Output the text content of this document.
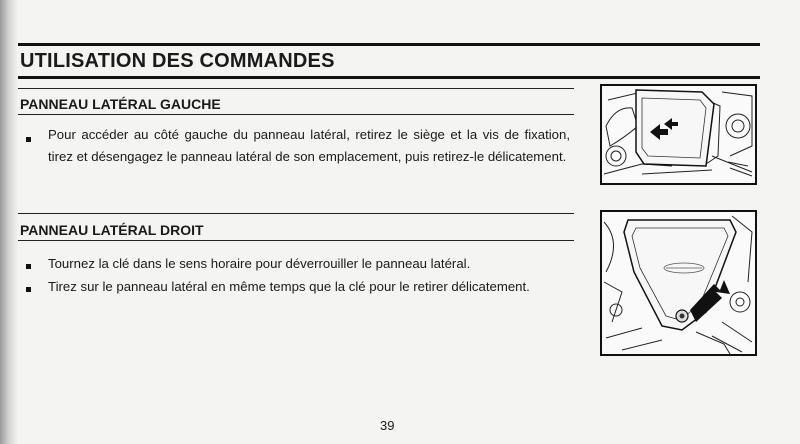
UTILISATION DES COMMANDES
PANNEAU LATÉRAL GAUCHE
Pour accéder au côté gauche du panneau latéral, retirez le siège et la vis de fixation, tirez et désengagez le panneau latéral de son emplacement, puis retirez-le délicatement.
PANNEAU LATÉRAL DROIT
Tournez la clé dans le sens horaire pour déverrouiller le panneau latéral.
Tirez sur le panneau latéral en même temps que la clé pour le retirer délicatement.
39
